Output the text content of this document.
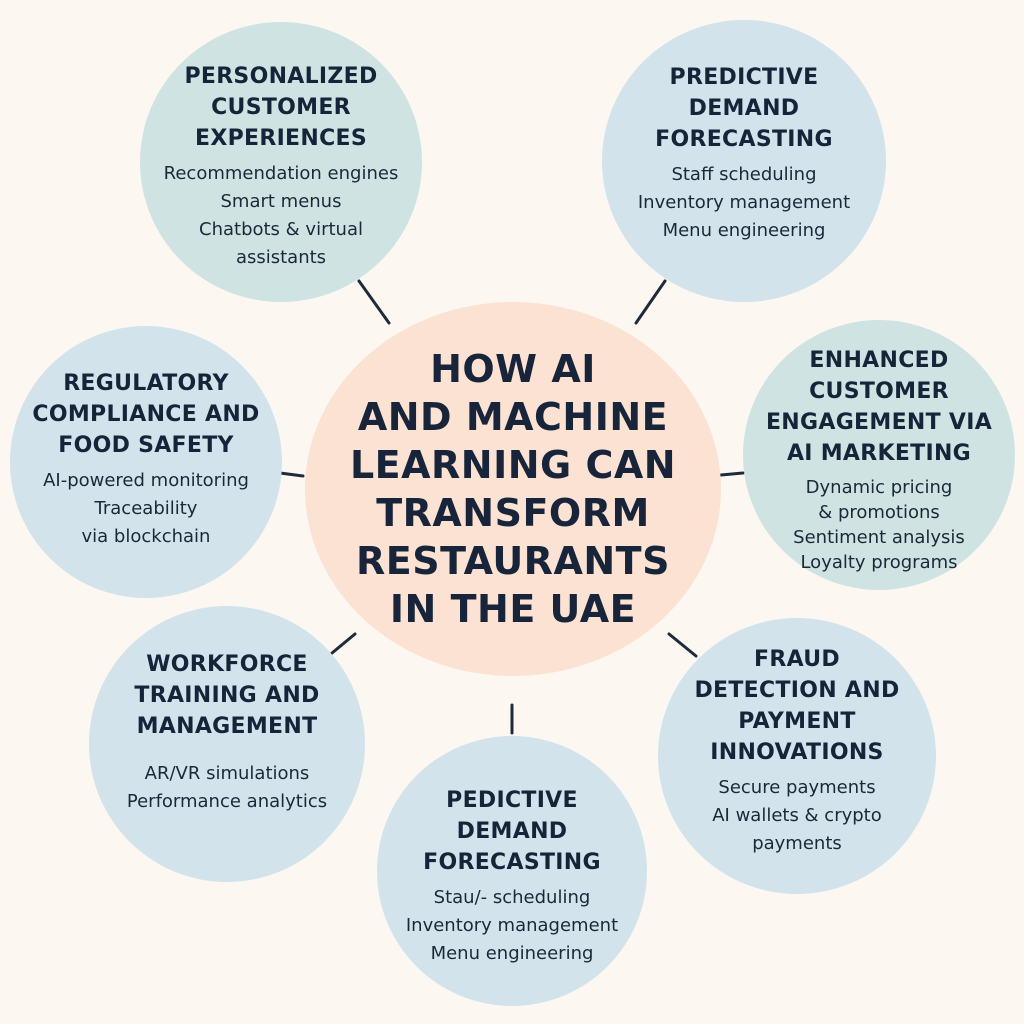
HOW AI
AND MACHINE
LEARNING CAN
TRANSFORM
RESTAURANTS
IN THE UAE
PERSONALIZED
CUSTOMER
EXPERIENCES
Recommendation engines
Smart menus
Chatbots & virtual
assistants
PREDICTIVE
DEMAND
FORECASTING
Staff scheduling
Inventory management
Menu engineering
ENHANCED
CUSTOMER
ENGAGEMENT VIA
AI MARKETING
Dynamic pricing
& promotions
Sentiment analysis
Loyalty programs
FRAUD
DETECTION AND
PAYMENT
INNOVATIONS
Secure payments
AI wallets & crypto
payments
PEDICTIVE
DEMAND
FORECASTING
Stau/- scheduling
Inventory management
Menu engineering
WORKFORCE
TRAINING AND
MANAGEMENT
AR/VR simulations
Performance analytics
REGULATORY
COMPLIANCE AND
FOOD SAFETY
AI-powered monitoring
Traceability
via blockchain
